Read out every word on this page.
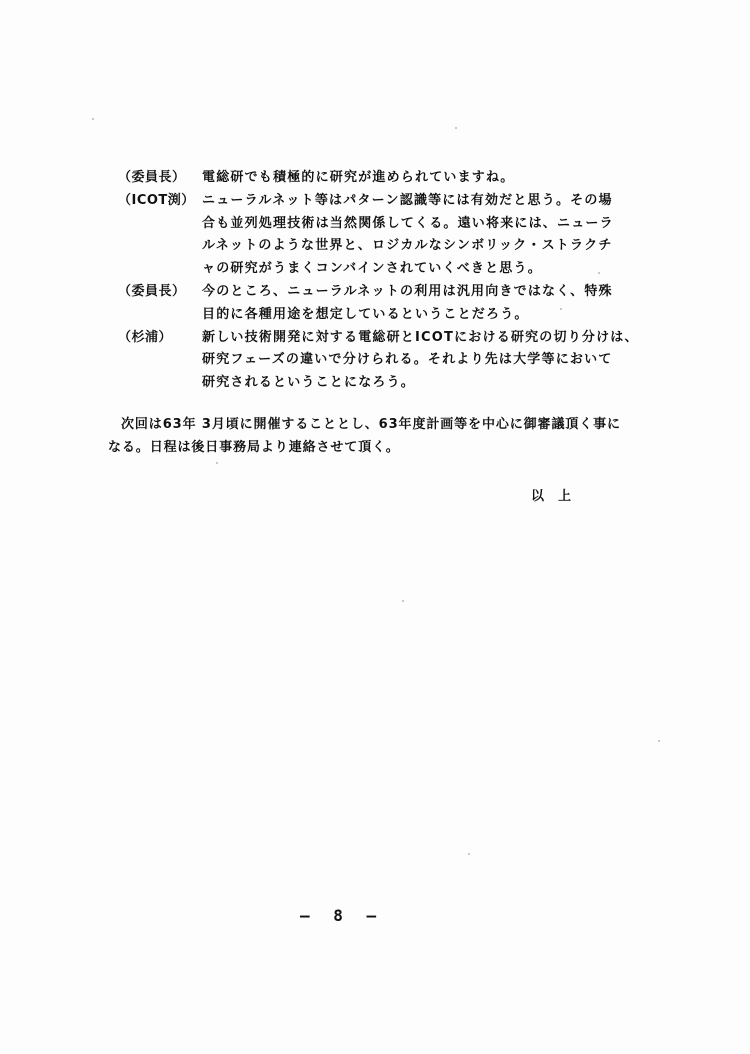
（委員長）	電総研でも積極的に研究が進められていますね。
（ICOT渕） ニューラルネット等はパターン認識等には有効だと思う。その場
合も並列処理技術は当然関係してくる。遠い将来には、ニューラ
ルネットのような世界と、ロジカルなシンボリック・ストラクチ
ャの研究がうまくコンバインされていくべきと思う。
（委員長）	今のところ、ニューラルネットの利用は汎用向きではなく、特殊
目的に各種用途を想定しているということだろう。
（杉浦）	新しい技術開発に対する電総研とICOTにおける研究の切り分けは、
研究フェーズの違いで分けられる。それより先は大学等において
研究されるということになろう。
次回は63年 3月頃に開催することとし、63年度計画等を中心に御審議頂く事に
なる。日程は後日事務局より連絡させて頂く。
以上
— 8 —
